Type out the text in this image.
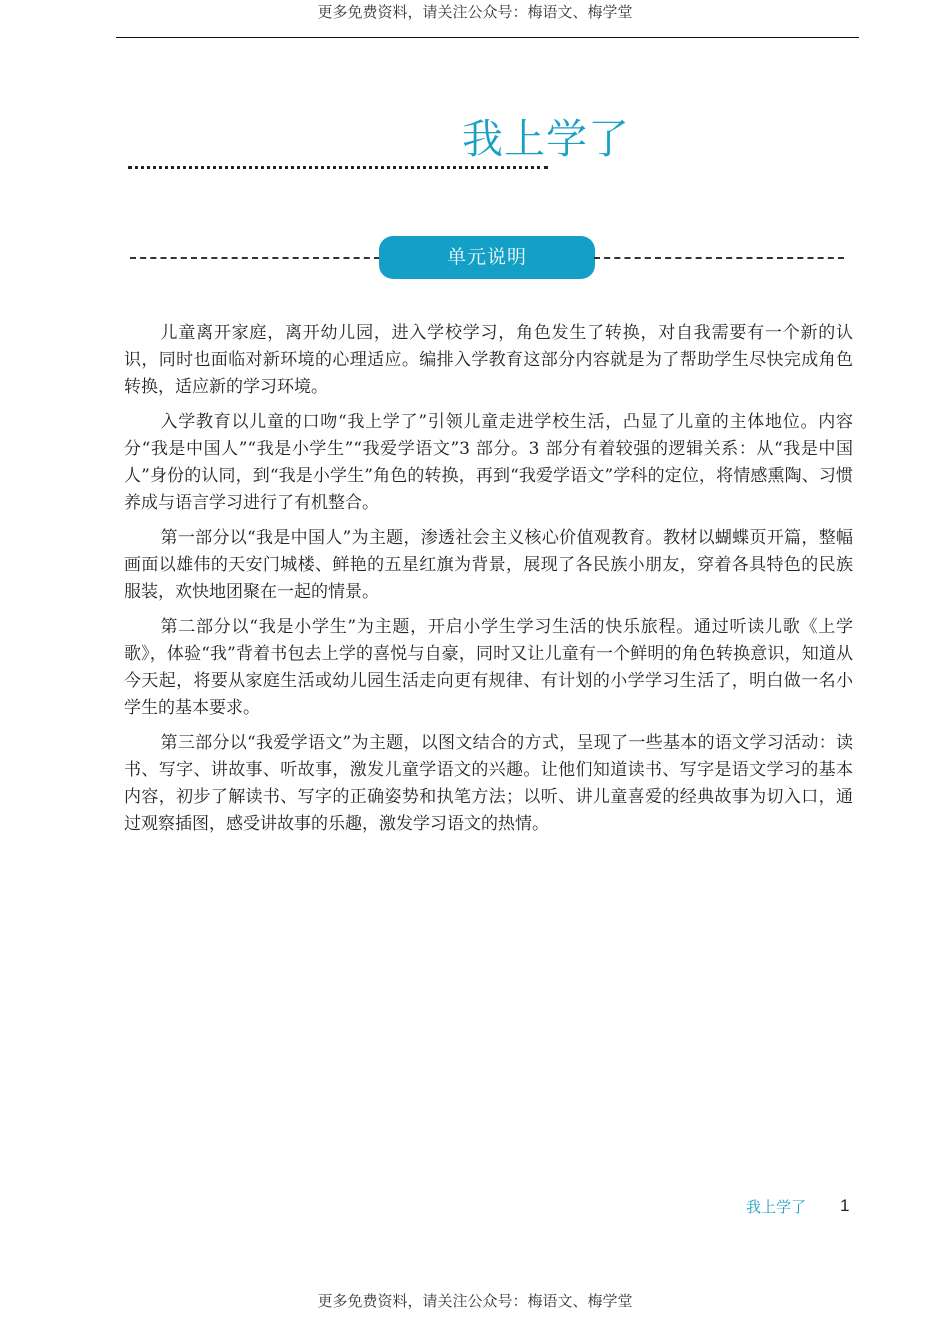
更多免费资料，请关注公众号：梅语文、梅学堂
我上学了
单元说明

儿童离开家庭，离开幼儿园，进入学校学习，角色发生了转换，对自我需要有一个新的认识，同时也面临对新环境的心理适应。编排入学教育这部分内容就是为了帮助学生尽快完成角色转换，适应新的学习环境。

入学教育以儿童的口吻“我上学了”引领儿童走进学校生活，凸显了儿童的主体地位。内容分“我是中国人”“我是小学生”“我爱学语文”3 部分。3 部分有着较强的逻辑关系：从“我是中国人”身份的认同，到“我是小学生”角色的转换，再到“我爱学语文”学科的定位，将情感熏陶、习惯养成与语言学习进行了有机整合。

第一部分以“我是中国人”为主题，渗透社会主义核心价值观教育。教材以蝴蝶页开篇，整幅画面以雄伟的天安门城楼、鲜艳的五星红旗为背景，展现了各民族小朋友，穿着各具特色的民族服装，欢快地团聚在一起的情景。

第二部分以“我是小学生”为主题，开启小学生学习生活的快乐旅程。通过听读儿歌《上学歌》，体验“我”背着书包去上学的喜悦与自豪，同时又让儿童有一个鲜明的角色转换意识，知道从今天起，将要从家庭生活或幼儿园生活走向更有规律、有计划的小学学习生活了，明白做一名小学生的基本要求。

第三部分以“我爱学语文”为主题，以图文结合的方式，呈现了一些基本的语文学习活动：读书、写字、讲故事、听故事，激发儿童学语文的兴趣。让他们知道读书、写字是语文学习的基本内容，初步了解读书、写字的正确姿势和执笔方法；以听、讲儿童喜爱的经典故事为切入口，通过观察插图，感受讲故事的乐趣，激发学习语文的热情。

我上学了 1
更多免费资料，请关注公众号：梅语文、梅学堂
